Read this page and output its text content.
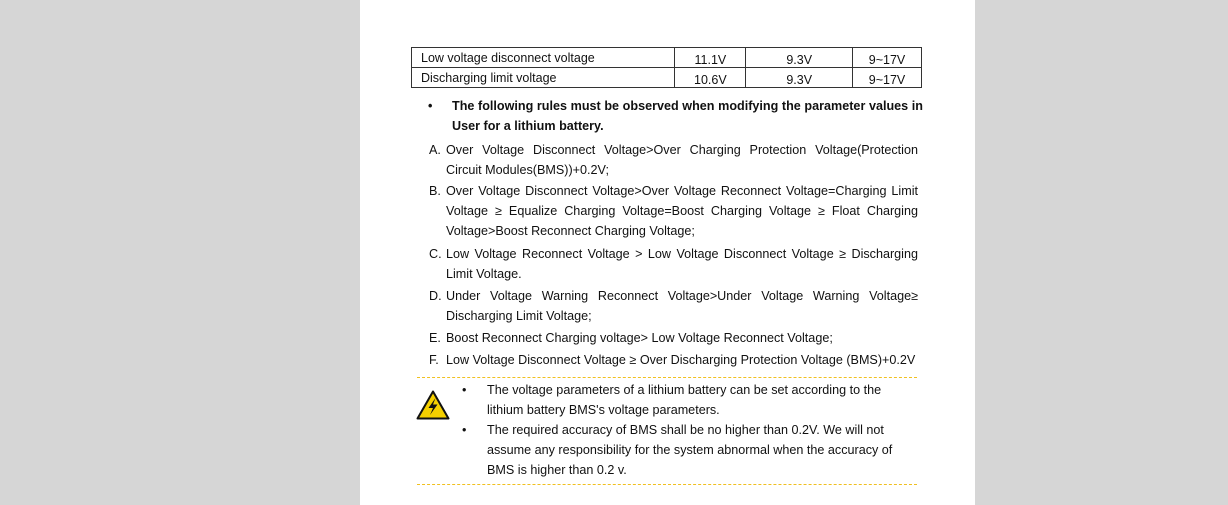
Low voltage disconnect voltage	11.1V	9.3V	9~17V
Discharging limit voltage	10.6V	9.3V	9~17V
• The following rules must be observed when modifying the parameter values in User for a lithium battery.
A. Over Voltage Disconnect Voltage>Over Charging Protection Voltage(Protection Circuit Modules(BMS))+0.2V;
B. Over Voltage Disconnect Voltage>Over Voltage Reconnect Voltage=Charging Limit Voltage ≥ Equalize Charging Voltage=Boost Charging Voltage ≥ Float Charging Voltage>Boost Reconnect Charging Voltage;
C. Low Voltage Reconnect Voltage > Low Voltage Disconnect Voltage ≥ Discharging Limit Voltage.
D. Under Voltage Warning Reconnect Voltage>Under Voltage Warning Voltage≥ Discharging Limit Voltage;
E. Boost Reconnect Charging voltage> Low Voltage Reconnect Voltage;
F. Low Voltage Disconnect Voltage ≥ Over Discharging Protection Voltage (BMS)+0.2V
• The voltage parameters of a lithium battery can be set according to the lithium battery BMS's voltage parameters.
• The required accuracy of BMS shall be no higher than 0.2V. We will not assume any responsibility for the system abnormal when the accuracy of BMS is higher than 0.2 v.
